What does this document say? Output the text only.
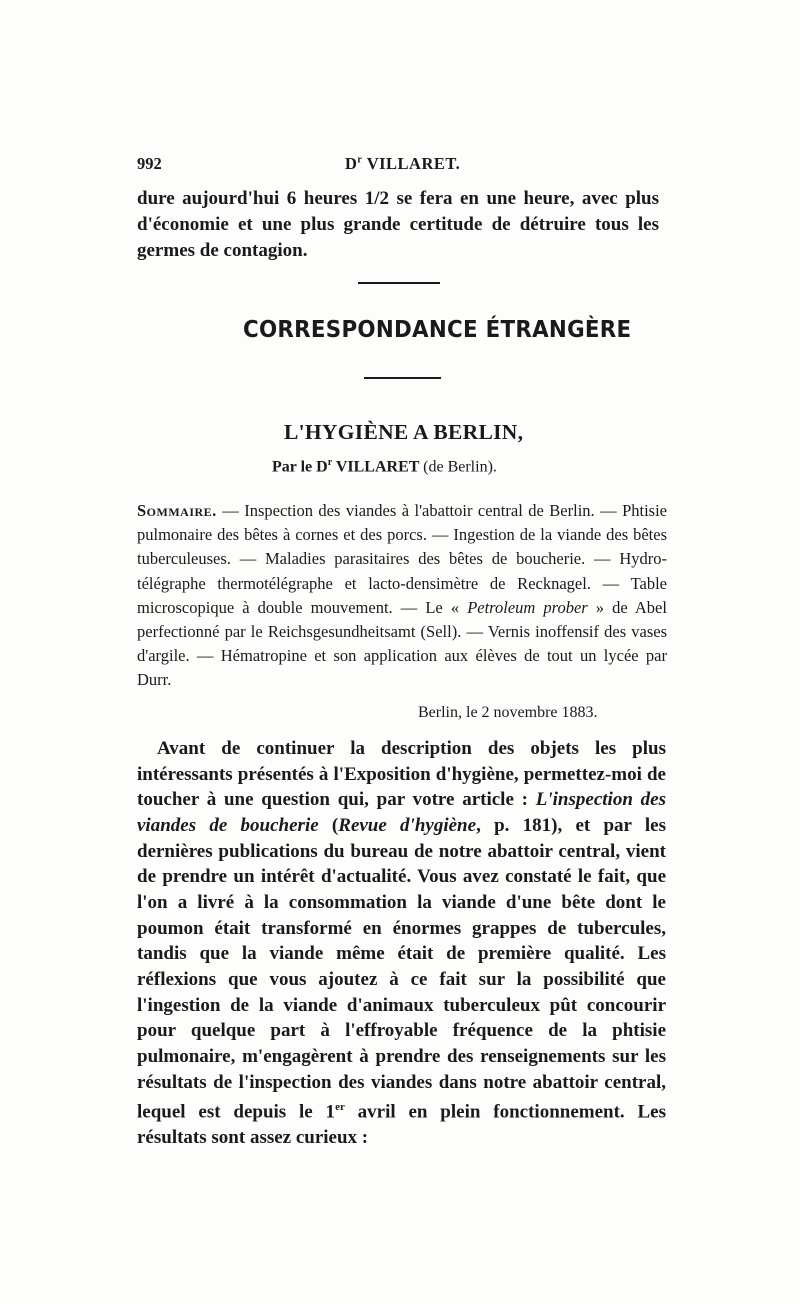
992	$D^r$ VILLARET.
dure aujourd'hui 6 heures 1/2 se fera en une heure, avec plus d'économie et une plus grande certitude de détruire tous les germes de contagion.
CORRESPONDANCE ÉTRANGÈRE
L'HYGIÈNE A BERLIN,
Par le $D^r$ VILLARET (de Berlin).
Sommaire. — Inspection des viandes à l'abattoir central de Berlin. — Phtisie pulmonaire des bêtes à cornes et des porcs. — Ingestion de la viande des bêtes tuberculeuses. — Maladies parasitaires des bêtes de boucherie. — Hydro-télégraphe thermotélégraphe et lacto-densimètre de Recknagel. — Table microscopique à double mouvement. — Le « Petroleum prober » de Abel perfectionné par le Reichsgesundheitsamt (Sell). — Vernis inoffensif des vases d'argile. — Hématropine et son application aux élèves de tout un lycée par Durr.
Berlin, le 2 novembre 1883.
Avant de continuer la description des objets les plus intéressants présentés à l'Exposition d'hygiène, permettez-moi de toucher à une question qui, par votre article : L'inspection des viandes de boucherie (Revue d'hygiène, p. 181), et par les dernières publications du bureau de notre abattoir central, vient de prendre un intérêt d'actualité. Vous avez constaté le fait, que l'on a livré à la consommation la viande d'une bête dont le poumon était transformé en énormes grappes de tubercules, tandis que la viande même était de première qualité. Les réflexions que vous ajoutez à ce fait sur la possibilité que l'ingestion de la viande d'animaux tuberculeux pût concourir pour quelque part à l'effroyable fréquence de la phtisie pulmonaire, m'engagèrent à prendre des renseignements sur les résultats de l'inspection des viandes dans notre abattoir central, lequel est depuis le 1er avril en plein fonctionnement. Les résultats sont assez curieux :
